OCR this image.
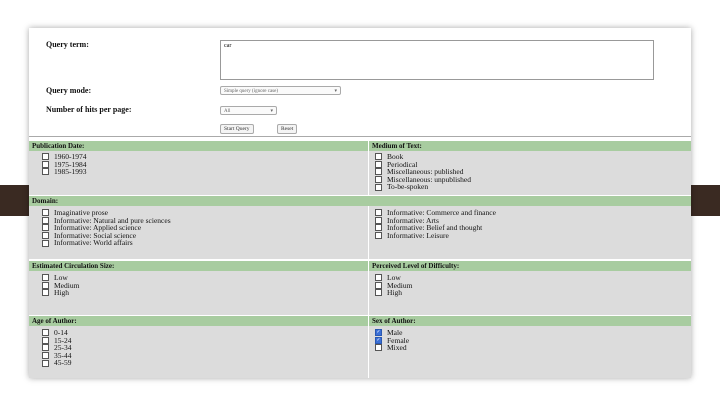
Query term:	car
Query mode:	Simple query (ignore case)	▾
Number of hits per page:	All	▾
Start Query	Reset
Publication Date:	Medium of Text:
1960-1974
1975-1984
1985-1993
Book
Periodical
Miscellaneous: published
Miscellaneous: unpublished
To-be-spoken
Domain:
Imaginative prose
Informative: Natural and pure sciences
Informative: Applied science
Informative: Social science
Informative: World affairs
Informative: Commerce and finance
Informative: Arts
Informative: Belief and thought
Informative: Leisure
Estimated Circulation Size:	Perceived Level of Difficulty:
Low
Medium
High
Low
Medium
High
Age of Author:	Sex of Author:
0-14
15-24
25-34
35-44
45-59
✓ Male
✓ Female
Mixed
